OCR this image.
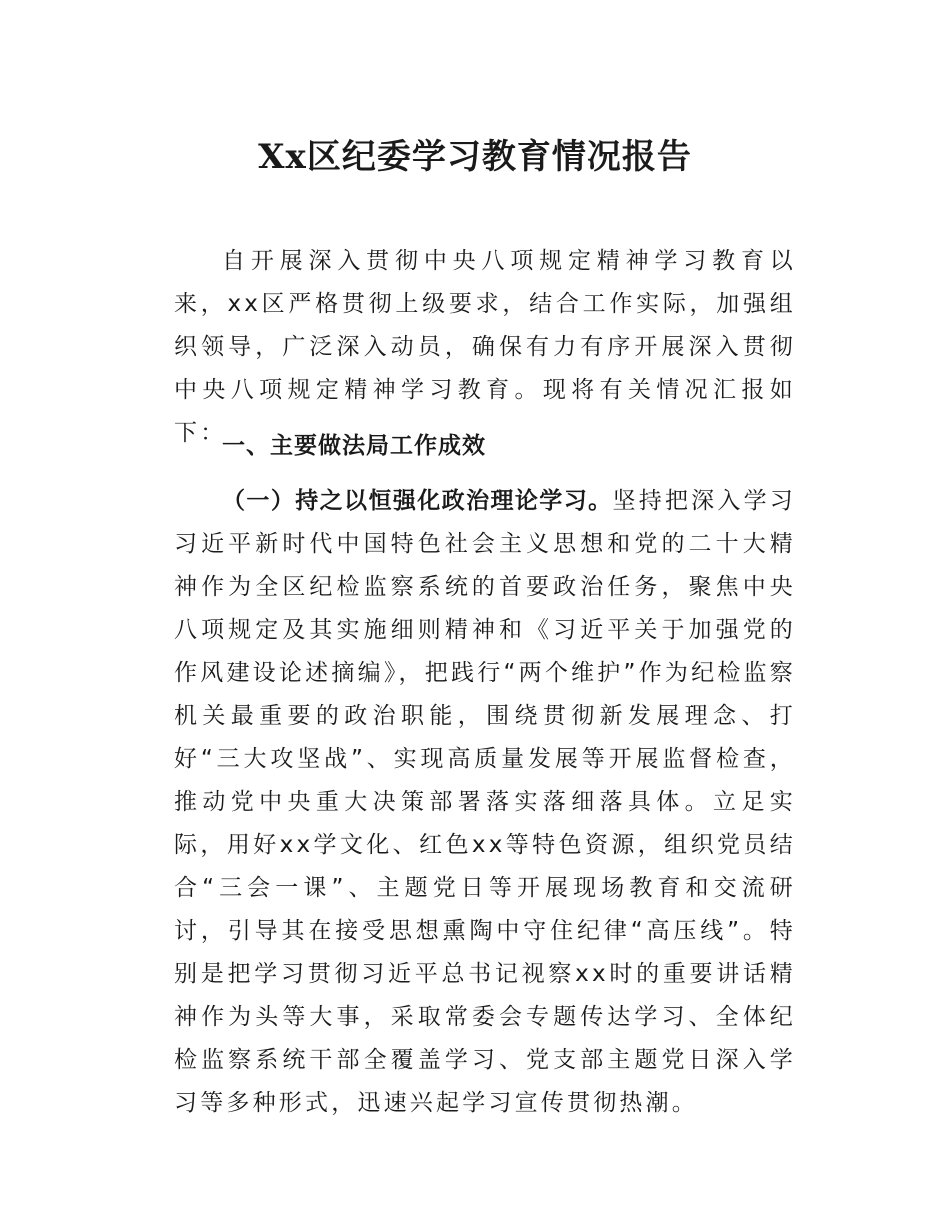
Xx区纪委学习教育情况报告

自开展深入贯彻中央八项规定精神学习教育以来，xx区严格贯彻上级要求，结合工作实际，加强组织领导，广泛深入动员，确保有力有序开展深入贯彻中央八项规定精神学习教育。现将有关情况汇报如下：

一、主要做法局工作成效

（一）持之以恒强化政治理论学习。坚持把深入学习习近平新时代中国特色社会主义思想和党的二十大精神作为全区纪检监察系统的首要政治任务，聚焦中央八项规定及其实施细则精神和《习近平关于加强党的作风建设论述摘编》，把践行“两个维护”作为纪检监察机关最重要的政治职能，围绕贯彻新发展理念、打好“三大攻坚战”、实现高质量发展等开展监督检查，推动党中央重大决策部署落实落细落具体。立足实际，用好xx学文化、红色xx等特色资源，组织党员结合“三会一课”、主题党日等开展现场教育和交流研讨，引导其在接受思想熏陶中守住纪律“高压线”。特别是把学习贯彻习近平总书记视察xx时的重要讲话精神作为头等大事，采取常委会专题传达学习、全体纪检监察系统干部全覆盖学习、党支部主题党日深入学习等多种形式，迅速兴起学习宣传贯彻热潮。
